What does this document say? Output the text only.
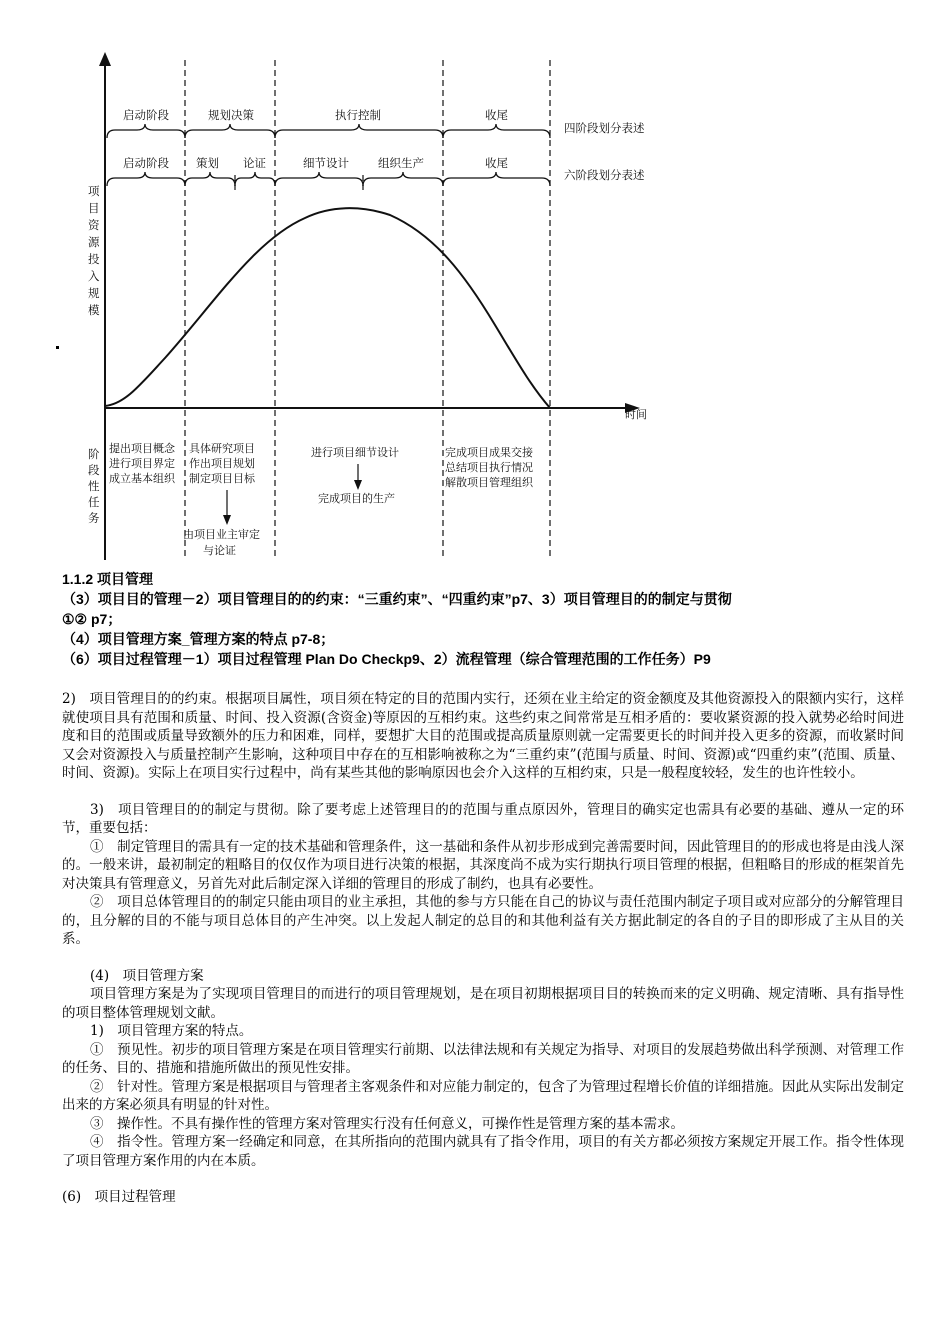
启动阶段	规划决策	执行控制	收尾
四阶段划分表述
启动阶段 策划 论证	细节设计	组织生产	收尾
六阶段划分表述
项
目
资
源
投
入
规
模
阶
段
性
任
务
时间
提出项目概念
进行项目界定
成立基本组织
具体研究项目
作出项目规划
制定项目目标
由项目业主审定
与论证
进行项目细节设计
完成项目的生产
完成项目成果交接
总结项目执行情况
解散项目管理组织
1.1.2 项目管理
（3）项目目的管理－2）项目管理目的的约束：“三重约束”、“四重约束”p7、3）项目管理目的的制定与贯彻
①② p7；
（4）项目管理方案_管理方案的特点 p7-8；
（6）项目过程管理－1）项目过程管理 Plan Do Checkp9、2）流程管理（综合管理范围的工作任务）P9

2)　项目管理目的的约束。根据项目属性，项目须在特定的目的范围内实行，还须在业主给定的资金额度及其他资源投入的限额内实行，这样就使项目具有范围和质量、时间、投入资源(含资金)等原因的互相约束。这些约束之间常常是互相矛盾的：要收紧资源的投入就势必给时间进度和目的范围或质量导致额外的压力和困难，同样，要想扩大目的范围或提高质量原则就一定需要更长的时间并投入更多的资源，而收紧时间又会对资源投入与质量控制产生影响，这种项目中存在的互相影响被称之为“三重约束”(范围与质量、时间、资源)或“四重约束”(范围、质量、时间、资源)。实际上在项目实行过程中，尚有某些其他的影响原因也会介入这样的互相约束，只是一般程度较轻，发生的也许性较小。

3)　项目管理目的的制定与贯彻。除了要考虑上述管理目的的范围与重点原因外，管理目的确实定也需具有必要的基础、遵从一定的环节，重要包括：

①　制定管理目的需具有一定的技术基础和管理条件，这一基础和条件从初步形成到完善需要时间，因此管理目的的形成也将是由浅人深的。一般来讲，最初制定的粗略目的仅仅作为项目进行决策的根据，其深度尚不成为实行期执行项目管理的根据，但粗略目的形成的框架首先对决策具有管理意义，另首先对此后制定深入详细的管理目的形成了制约，也具有必要性。

②　项目总体管理目的的制定只能由项目的业主承担，其他的参与方只能在自己的协议与责任范围内制定子项目或对应部分的分解管理目的，且分解的目的不能与项目总体目的产生冲突。以上发起人制定的总目的和其他利益有关方据此制定的各自的子目的即形成了主从目的关系。

(4)　项目管理方案

项目管理方案是为了实现项目管理目的而进行的项目管理规划，是在项目初期根据项目目的转换而来的定义明确、规定清晰、具有指导性的项目整体管理规划文献。

1)　项目管理方案的特点。

①　预见性。初步的项目管理方案是在项目管理实行前期、以法律法规和有关规定为指导、对项目的发展趋势做出科学预测、对管理工作的任务、目的、措施和措施所做出的预见性安排。

②　针对性。管理方案是根据项目与管理者主客观条件和对应能力制定的，包含了为管理过程增长价值的详细措施。因此从实际出发制定出来的方案必须具有明显的针对性。

③　操作性。不具有操作性的管理方案对管理实行没有任何意义，可操作性是管理方案的基本需求。

④　指令性。管理方案一经确定和同意，在其所指向的范围内就具有了指令作用，项目的有关方都必须按方案规定开展工作。指令性体现了项目管理方案作用的内在本质。

(6)　项目过程管理
